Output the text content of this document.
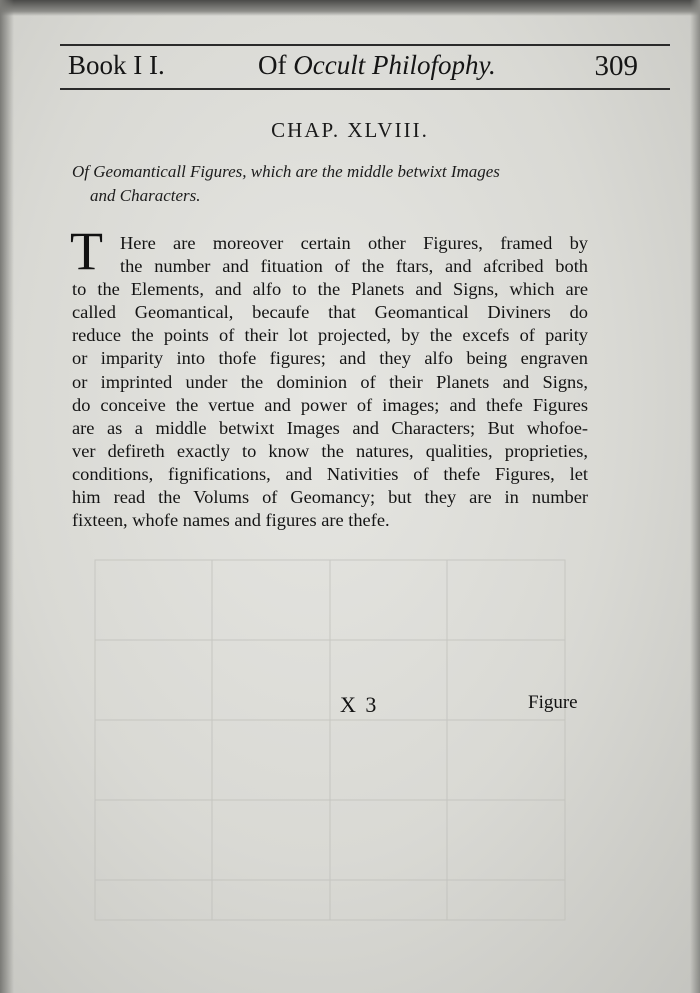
Book I I.	Of Occult Philofophy.	309
CHAP. XLVIII.
Of Geomanticall Figures, which are the middle betwixt Images
and Characters.
T Here are moreover certain other Figures, framed by
the number and fituation of the ftars, and afcribed both
to the Elements, and alfo to the Planets and Signs, which are
called Geomantical, becaufe that Geomantical Diviners do
reduce the points of their lot projected, by the excefs of parity
or imparity into thofe figures; and they alfo being engraven
or imprinted under the dominion of their Planets and Signs,
do conceive the vertue and power of images; and thefe Figures
are as a middle betwixt Images and Characters; But whofoe-
ver defireth exactly to know the natures, qualities, proprieties,
conditions, fignifications, and Nativities of thefe Figures, let
him read the Volums of Geomancy; but they are in number
fixteen, whofe names and figures are thefe.
X 3	Figure
